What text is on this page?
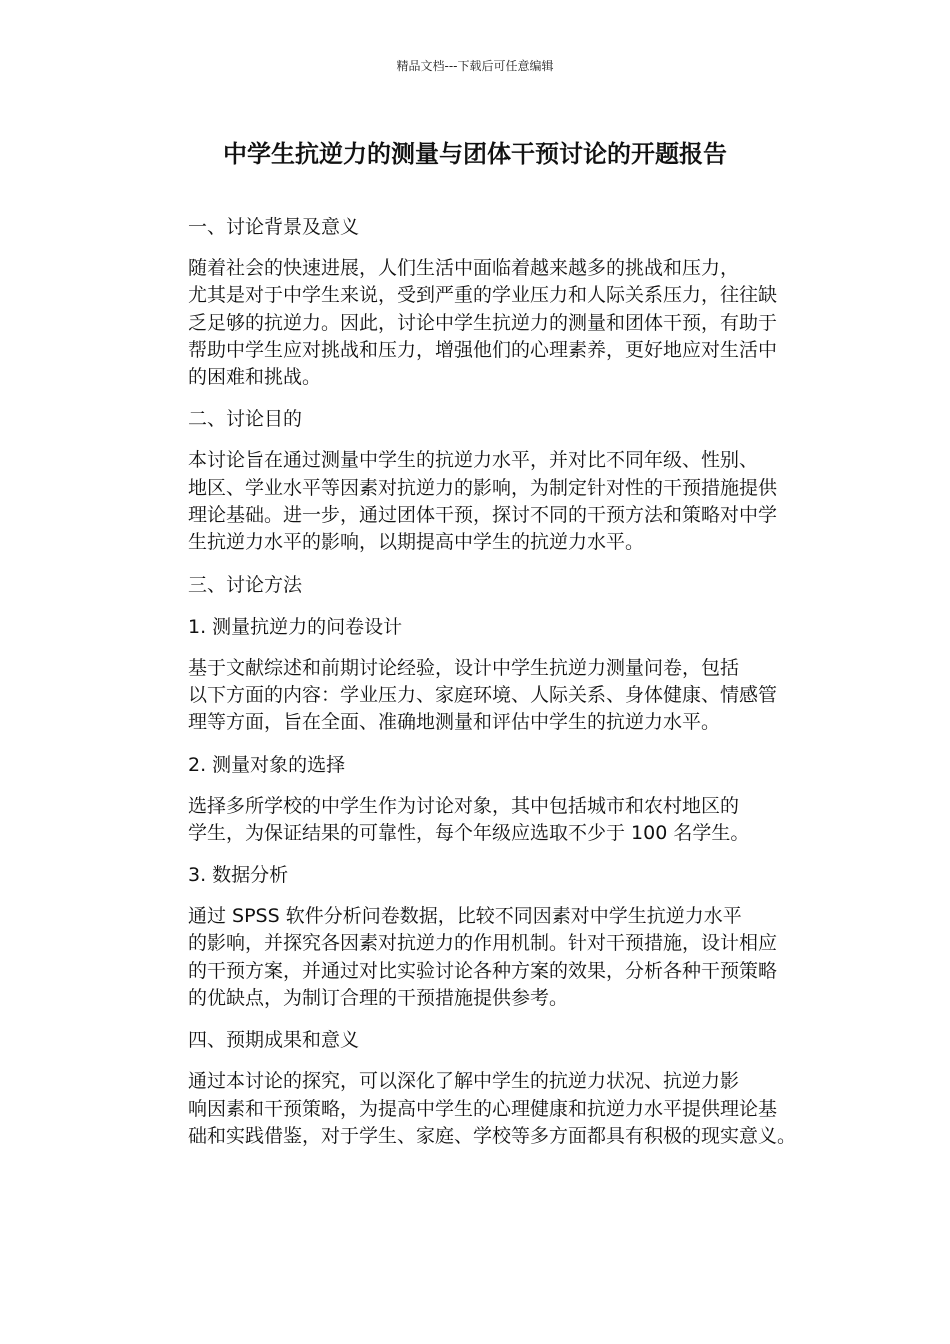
精品文档---下载后可任意编辑
中学生抗逆力的测量与团体干预讨论的开题报告

一、讨论背景及意义

随着社会的快速进展，人们生活中面临着越来越多的挑战和压力，
尤其是对于中学生来说，受到严重的学业压力和人际关系压力，往往缺
乏足够的抗逆力。因此，讨论中学生抗逆力的测量和团体干预，有助于
帮助中学生应对挑战和压力，增强他们的心理素养，更好地应对生活中
的困难和挑战。

二、讨论目的

本讨论旨在通过测量中学生的抗逆力水平，并对比不同年级、性别、
地区、学业水平等因素对抗逆力的影响，为制定针对性的干预措施提供
理论基础。进一步，通过团体干预，探讨不同的干预方法和策略对中学
生抗逆力水平的影响，以期提高中学生的抗逆力水平。

三、讨论方法

1. 测量抗逆力的问卷设计

基于文献综述和前期讨论经验，设计中学生抗逆力测量问卷，包括
以下方面的内容：学业压力、家庭环境、人际关系、身体健康、情感管
理等方面，旨在全面、准确地测量和评估中学生的抗逆力水平。

2. 测量对象的选择

选择多所学校的中学生作为讨论对象，其中包括城市和农村地区的
学生，为保证结果的可靠性，每个年级应选取不少于 100 名学生。

3. 数据分析

通过 SPSS 软件分析问卷数据，比较不同因素对中学生抗逆力水平
的影响，并探究各因素对抗逆力的作用机制。针对干预措施，设计相应
的干预方案，并通过对比实验讨论各种方案的效果，分析各种干预策略
的优缺点，为制订合理的干预措施提供参考。

四、预期成果和意义

通过本讨论的探究，可以深化了解中学生的抗逆力状况、抗逆力影
响因素和干预策略，为提高中学生的心理健康和抗逆力水平提供理论基
础和实践借鉴，对于学生、家庭、学校等多方面都具有积极的现实意义。
